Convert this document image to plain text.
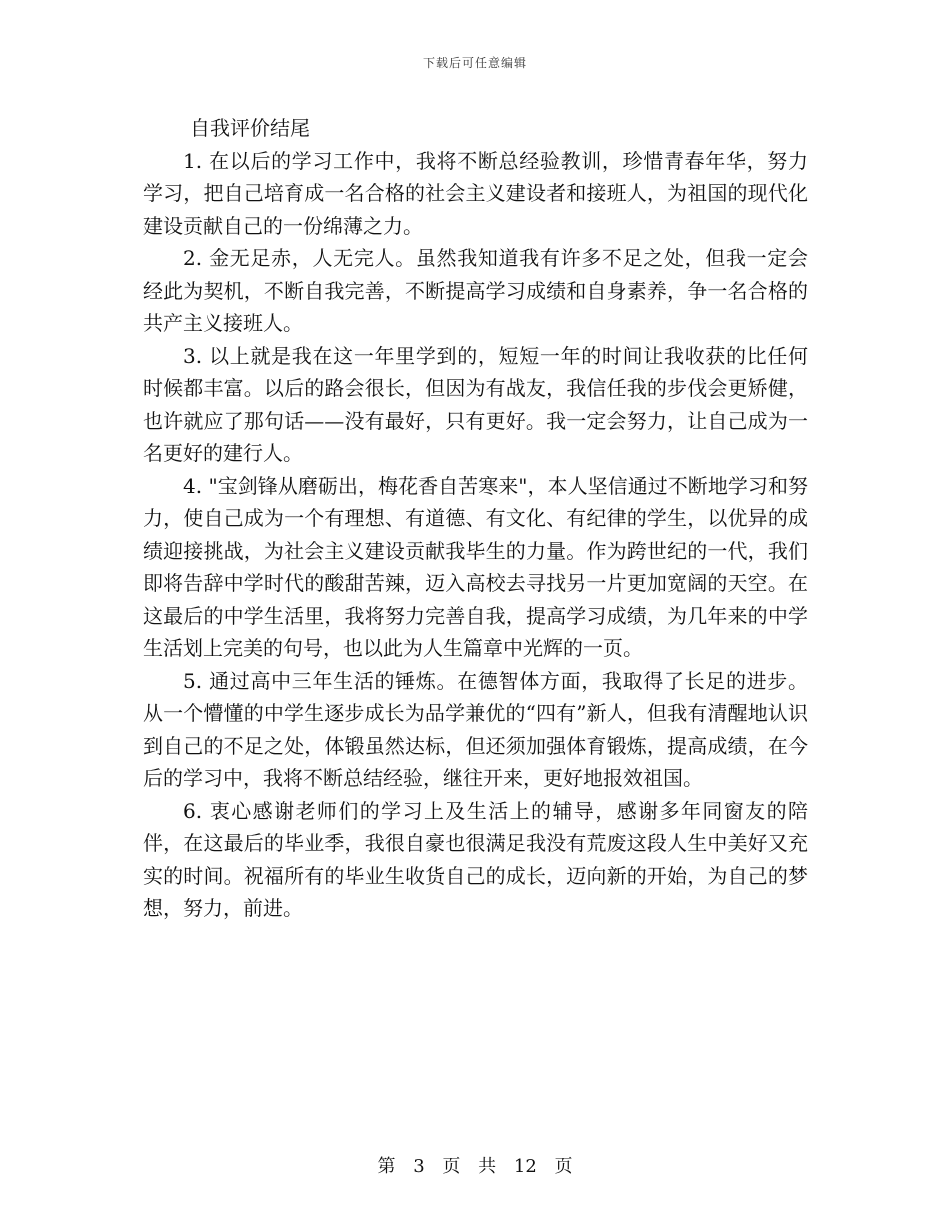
下载后可任意编辑
自我评价结尾

1. 在以后的学习工作中，我将不断总经验教训，珍惜青春年华，努力学习，把自己培育成一名合格的社会主义建设者和接班人，为祖国的现代化建设贡献自己的一份绵薄之力。

2. 金无足赤，人无完人。虽然我知道我有许多不足之处，但我一定会经此为契机，不断自我完善，不断提高学习成绩和自身素养，争一名合格的共产主义接班人。

3. 以上就是我在这一年里学到的，短短一年的时间让我收获的比任何时候都丰富。以后的路会很长，但因为有战友，我信任我的步伐会更矫健，也许就应了那句话——没有最好，只有更好。我一定会努力，让自己成为一名更好的建行人。

4. "宝剑锋从磨砺出，梅花香自苦寒来"，本人坚信通过不断地学习和努力，使自己成为一个有理想、有道德、有文化、有纪律的学生，以优异的成绩迎接挑战，为社会主义建设贡献我毕生的力量。作为跨世纪的一代，我们即将告辞中学时代的酸甜苦辣，迈入高校去寻找另一片更加宽阔的天空。在这最后的中学生活里，我将努力完善自我，提高学习成绩，为几年来的中学生活划上完美的句号，也以此为人生篇章中光辉的一页。

5. 通过高中三年生活的锤炼。在德智体方面，我取得了长足的进步。从一个懵懂的中学生逐步成长为品学兼优的“四有”新人，但我有清醒地认识到自己的不足之处，体锻虽然达标，但还须加强体育锻炼，提高成绩，在今后的学习中，我将不断总结经验，继往开来，更好地报效祖国。

6. 衷心感谢老师们的学习上及生活上的辅导，感谢多年同窗友的陪伴，在这最后的毕业季，我很自豪也很满足我没有荒废这段人生中美好又充实的时间。祝福所有的毕业生收货自己的成长，迈向新的开始，为自己的梦想，努力，前进。

第 3 页 共 12 页
